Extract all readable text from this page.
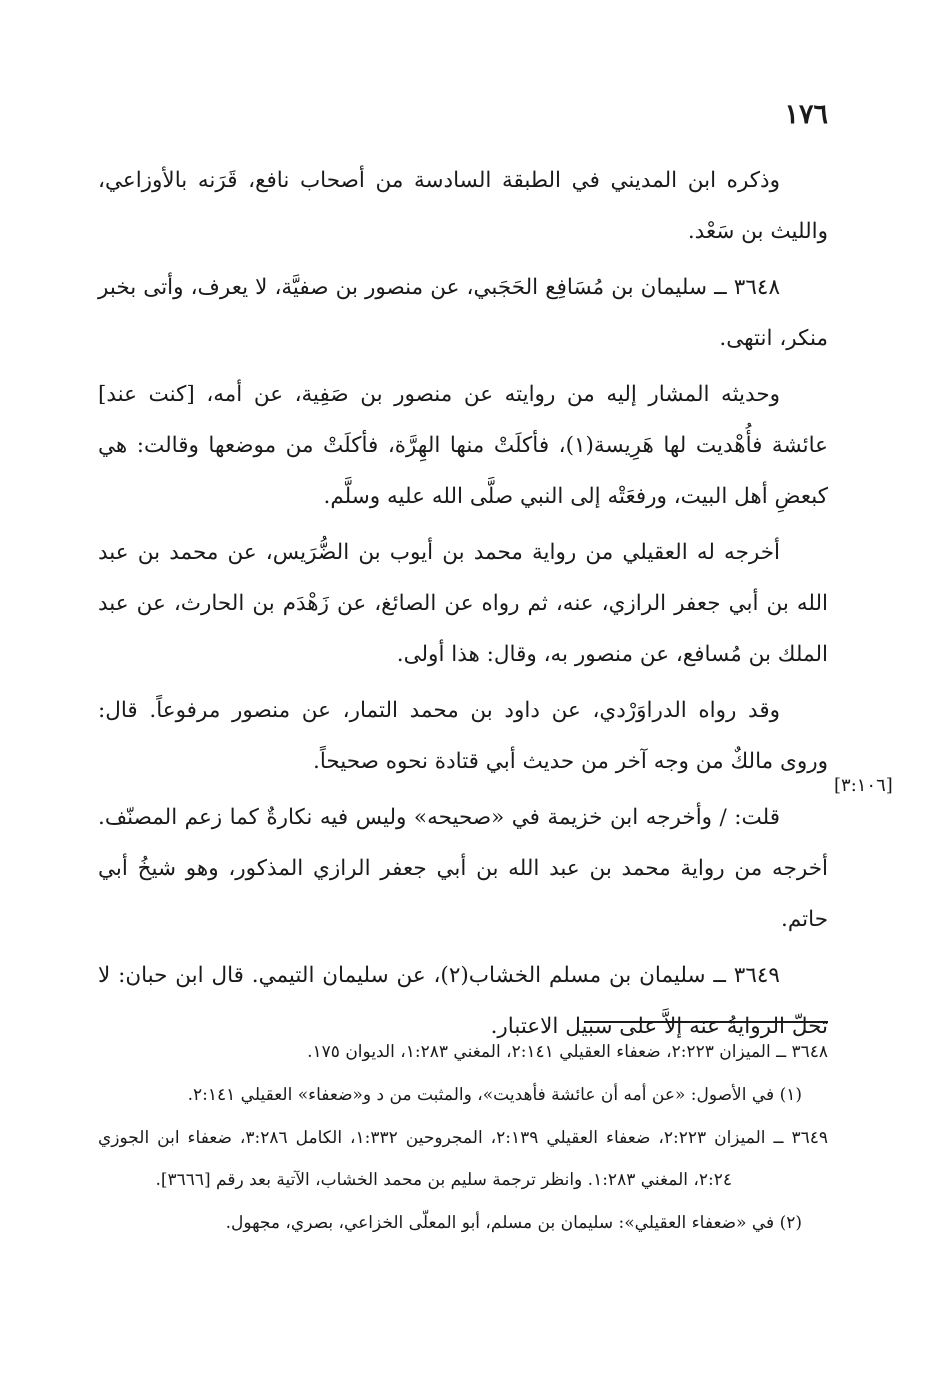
١٧٦

وذكره ابن المديني في الطبقة السادسة من أصحاب نافع، قَرَنه بالأوزاعي، والليث بن سَعْد.

٣٦٤٨ ــ سليمان بن مُسَافِع الحَجَبي، عن منصور بن صفيَّة، لا يعرف، وأتى بخبر منكر، انتهى.

وحديثه المشار إليه من روايته عن منصور بن صَفِية، عن أمه، [كنت عند] عائشة فأُهْديت لها هَرِيسة(١)، فأكلَتْ منها الهِرَّة، فأكلَتْ من موضعها وقالت: هي كبعضِ أهل البيت، ورفعَتْه إلى النبي صلَّى الله عليه وسلَّم.

أخرجه له العقيلي من رواية محمد بن أيوب بن الضُّرَيس، عن محمد بن عبد الله بن أبي جعفر الرازي، عنه، ثم رواه عن الصائغ، عن زَهْدَم بن الحارث، عن عبد الملك بن مُسافع، عن منصور به، وقال: هذا أولى.

وقد رواه الدراوَرْدي، عن داود بن محمد التمار، عن منصور مرفوعاً. قال: وروى مالكٌ من وجه آخر من حديث أبي قتادة نحوه صحيحاً.

قلت: / وأخرجه ابن خزيمة في «صحيحه» وليس فيه نكارةٌ كما زعم المصنّف. أخرجه من رواية محمد بن عبد الله بن أبي جعفر الرازي المذكور، وهو شيخُ أبي حاتم.

٣٦٤٩ ــ سليمان بن مسلم الخشاب(٢)، عن سليمان التيمي. قال ابن حبان: لا تحلّ الروايةُ عنه إلاَّ على سبيل الاعتبار.

[٣:١٠٦]

٣٦٤٨ ــ الميزان ٢:٢٢٣، ضعفاء العقيلي ٢:١٤١، المغني ١:٢٨٣، الديوان ١٧٥.

(١) في الأصول: «عن أمه أن عائشة فأهديت»، والمثبت من د و«ضعفاء» العقيلي ٢:١٤١.

٣٦٤٩ ــ الميزان ٢:٢٢٣، ضعفاء العقيلي ٢:١٣٩، المجروحين ١:٣٣٢، الكامل ٣:٢٨٦، ضعفاء ابن الجوزي ٢:٢٤، المغني ١:٢٨٣. وانظر ترجمة سليم بن محمد الخشاب، الآتية بعد رقم [٣٦٦٦].

(٢) في «ضعفاء العقيلي»: سليمان بن مسلم، أبو المعلّى الخزاعي، بصري، مجهول.
